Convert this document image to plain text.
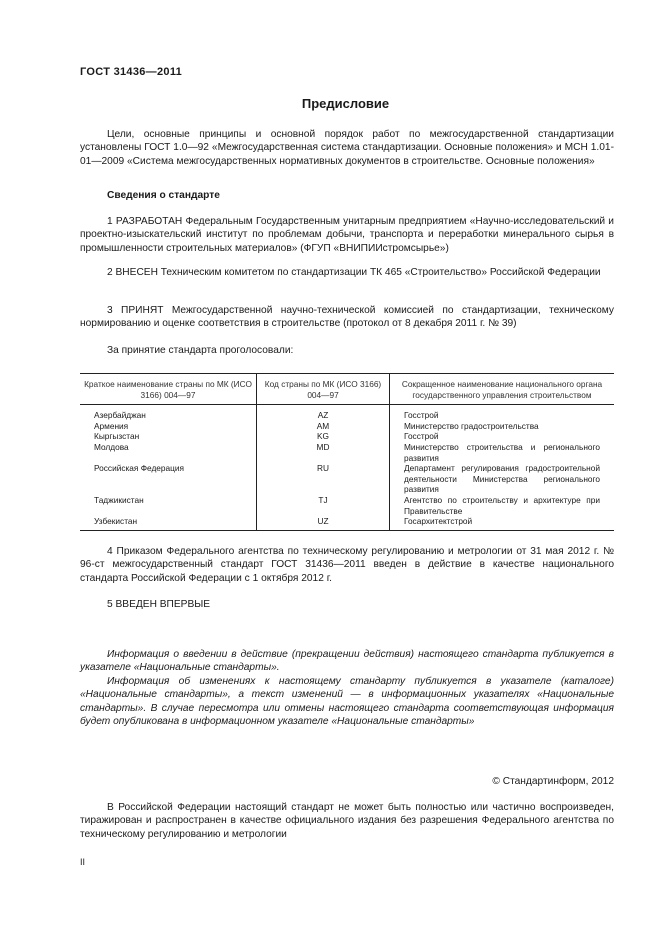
ГОСТ 31436—2011
Предисловие
Цели, основные принципы и основной порядок работ по межгосударственной стандартизации установлены ГОСТ 1.0—92 «Межгосударственная система стандартизации. Основные положения» и МСН 1.01-01—2009 «Система межгосударственных нормативных документов в строительстве. Основные положения»
Сведения о стандарте
1 РАЗРАБОТАН Федеральным Государственным унитарным предприятием «Научно-исследовательский и проектно-изыскательский институт по проблемам добычи, транспорта и переработки минерального сырья в промышленности строительных материалов» (ФГУП «ВНИПИИстромсырье»)
2 ВНЕСЕН Техническим комитетом по стандартизации ТК 465 «Строительство» Российской Федерации
3 ПРИНЯТ Межгосударственной научно-технической комиссией по стандартизации, техническому нормированию и оценке соответствия в строительстве (протокол от 8 декабря 2011 г. № 39)
За принятие стандарта проголосовали:
Краткое наименование страны по МК (ИСО 3166) 004—97	Код страны по МК (ИСО 3166) 004—97	Сокращенное наименование национального органа государственного управления строительством
Азербайджан	AZ	Госстрой
Армения	AM	Министерство градостроительства
Кыргызстан	KG	Госстрой
Молдова	MD	Министерство строительства и регионального развития
Российская Федерация	RU	Департамент регулирования градостроительной деятельности Министерства регионального развития
Таджикистан	TJ	Агентство по строительству и архитектуре при Правительстве
Узбекистан	UZ	Госархитектстрой
4 Приказом Федерального агентства по техническому регулированию и метрологии от 31 мая 2012 г. № 96-ст межгосударственный стандарт ГОСТ 31436—2011 введен в действие в качестве национального стандарта Российской Федерации с 1 октября 2012 г.
5 ВВЕДЕН ВПЕРВЫЕ
Информация о введении в действие (прекращении действия) настоящего стандарта публикуется в указателе «Национальные стандарты».
Информация об изменениях к настоящему стандарту публикуется в указателе (каталоге) «Национальные стандарты», а текст изменений — в информационных указателях «Национальные стандарты». В случае пересмотра или отмены настоящего стандарта соответствующая информация будет опубликована в информационном указателе «Национальные стандарты»
© Стандартинформ, 2012
В Российской Федерации настоящий стандарт не может быть полностью или частично воспроизведен, тиражирован и распространен в качестве официального издания без разрешения Федерального агентства по техническому регулированию и метрологии
II
